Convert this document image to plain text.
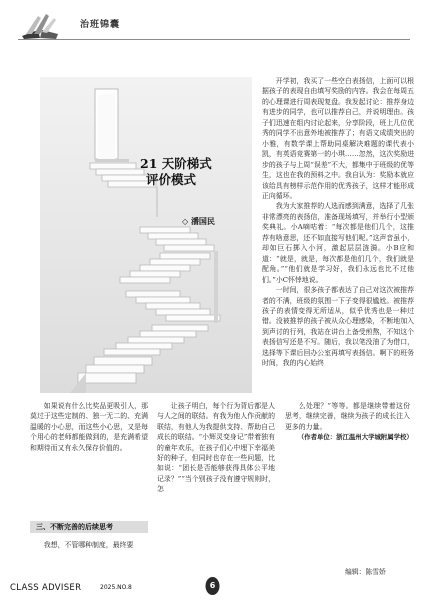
治班锦囊
21 天阶梯式
评价模式
◇ 潘国民

开学初，我买了一些空白表扬信，上面可以根据孩子的表现自由填写奖励的内容。我会在每周五的心理课进行周表现复盘。我发起讨论：推荐身边有进步的同学，也可以推荐自己，并说明理由。孩子们迅速在组内讨论起来，分享阶段，班上几位优秀的同学不出意外地被推荐了；有语文成绩突出的小雅，有数学课上帮助同桌解决难题的课代表小凯，有英语竞赛第一的小琪……忽然，这次奖励进步的孩子与上周“误差”不大，都集中于班级的优等生，这也在我的预料之中。我自认为：奖励本就应该给具有榜样示范作用的优秀孩子，这样才能形成正向循环。

我为大家推荐的人选而感到满意，选择了几张非常漂亮的表扬信，准备现场填写，并举行小型颁奖典礼。小A嘀咕着：“每次都是他们几个，这推荐有啥意思，还不如直接写他们呢。”这声音虽小，却如巨石掷入小河，激起层层涟漪。小B应和道：“就是，就是，每次都是他们几个，我们就是配角。”“他们就是学习好，我们永远也比不过他们。”小C怀悻地说。

一时间，很多孩子都表达了自己对这次被推荐者的不满，班级的氛围一下子变得很尴尬。被推荐孩子的表情变得无所适从，似乎优秀也是一种过错。没被推荐的孩子被从众心理感染，不断地加入到声讨的行列，我站在讲台上备受煎熬，不知这个表扬信写还是不写。随后，我以笔没油了为借口，选择等下课后回办公室再填写表扬信。啊下的班务时间，我的内心始终

如果说有什么比奖品更吸引人，那莫过于这些定制的、独一无二的、充满温暖的小心思，而这些小心思，又是每个用心的老师都能做到的，是充满希望和期待而又有永久保存价值的。

三、不断完善的后续思考

我想，不管哪种制度，最终要

让孩子明白，每个行为背后都是人与人之间的联结。有我为他人作贡献的联结，有他人为我提供支持、帮助自己成长的联结。“小辉灵变身记”带着独有的童年欢乐，在孩子们心中埋下幸福美好的种子，但同时也存在一些问题，比如说：“团长是否能够获得具体公平地记录？”“当个别孩子没有遵守规则时，怎

么处理？”等等。都是继续带着这份思考，继续完善，继续为孩子的成长注入更多的力量。

（作者单位：浙江温州大学城附属学校）

编辑：陈雪娇
CLASS ADVISER	2025.NO.8	6
